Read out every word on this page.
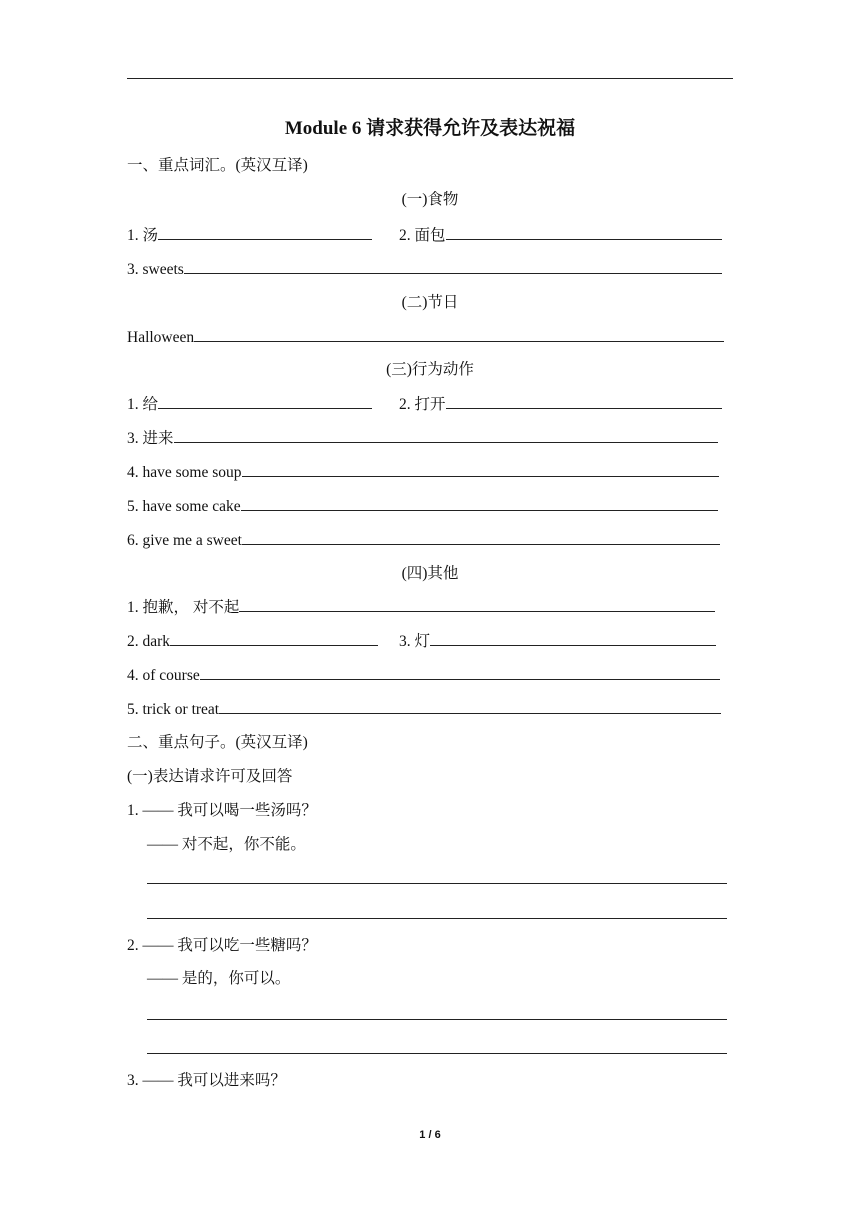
Module 6 请求获得允许及表达祝福
一、重点词汇。(英汉互译)
(一)食物
1. 汤	2. 面包
3. sweets
(二)节日
Halloween
(三)行为动作
1. 给	2. 打开
3. 进来
4. have some soup
5. have some cake
6. give me a sweet
(四)其他
1. 抱歉， 对不起
2. dark	3. 灯
4. of course
5. trick or treat
二、重点句子。(英汉互译)
(一)表达请求许可及回答
1. —— 我可以喝一些汤吗？
—— 对不起，你不能。
2. —— 我可以吃一些糖吗？
—— 是的，你可以。
3. —— 我可以进来吗？
1 / 6
